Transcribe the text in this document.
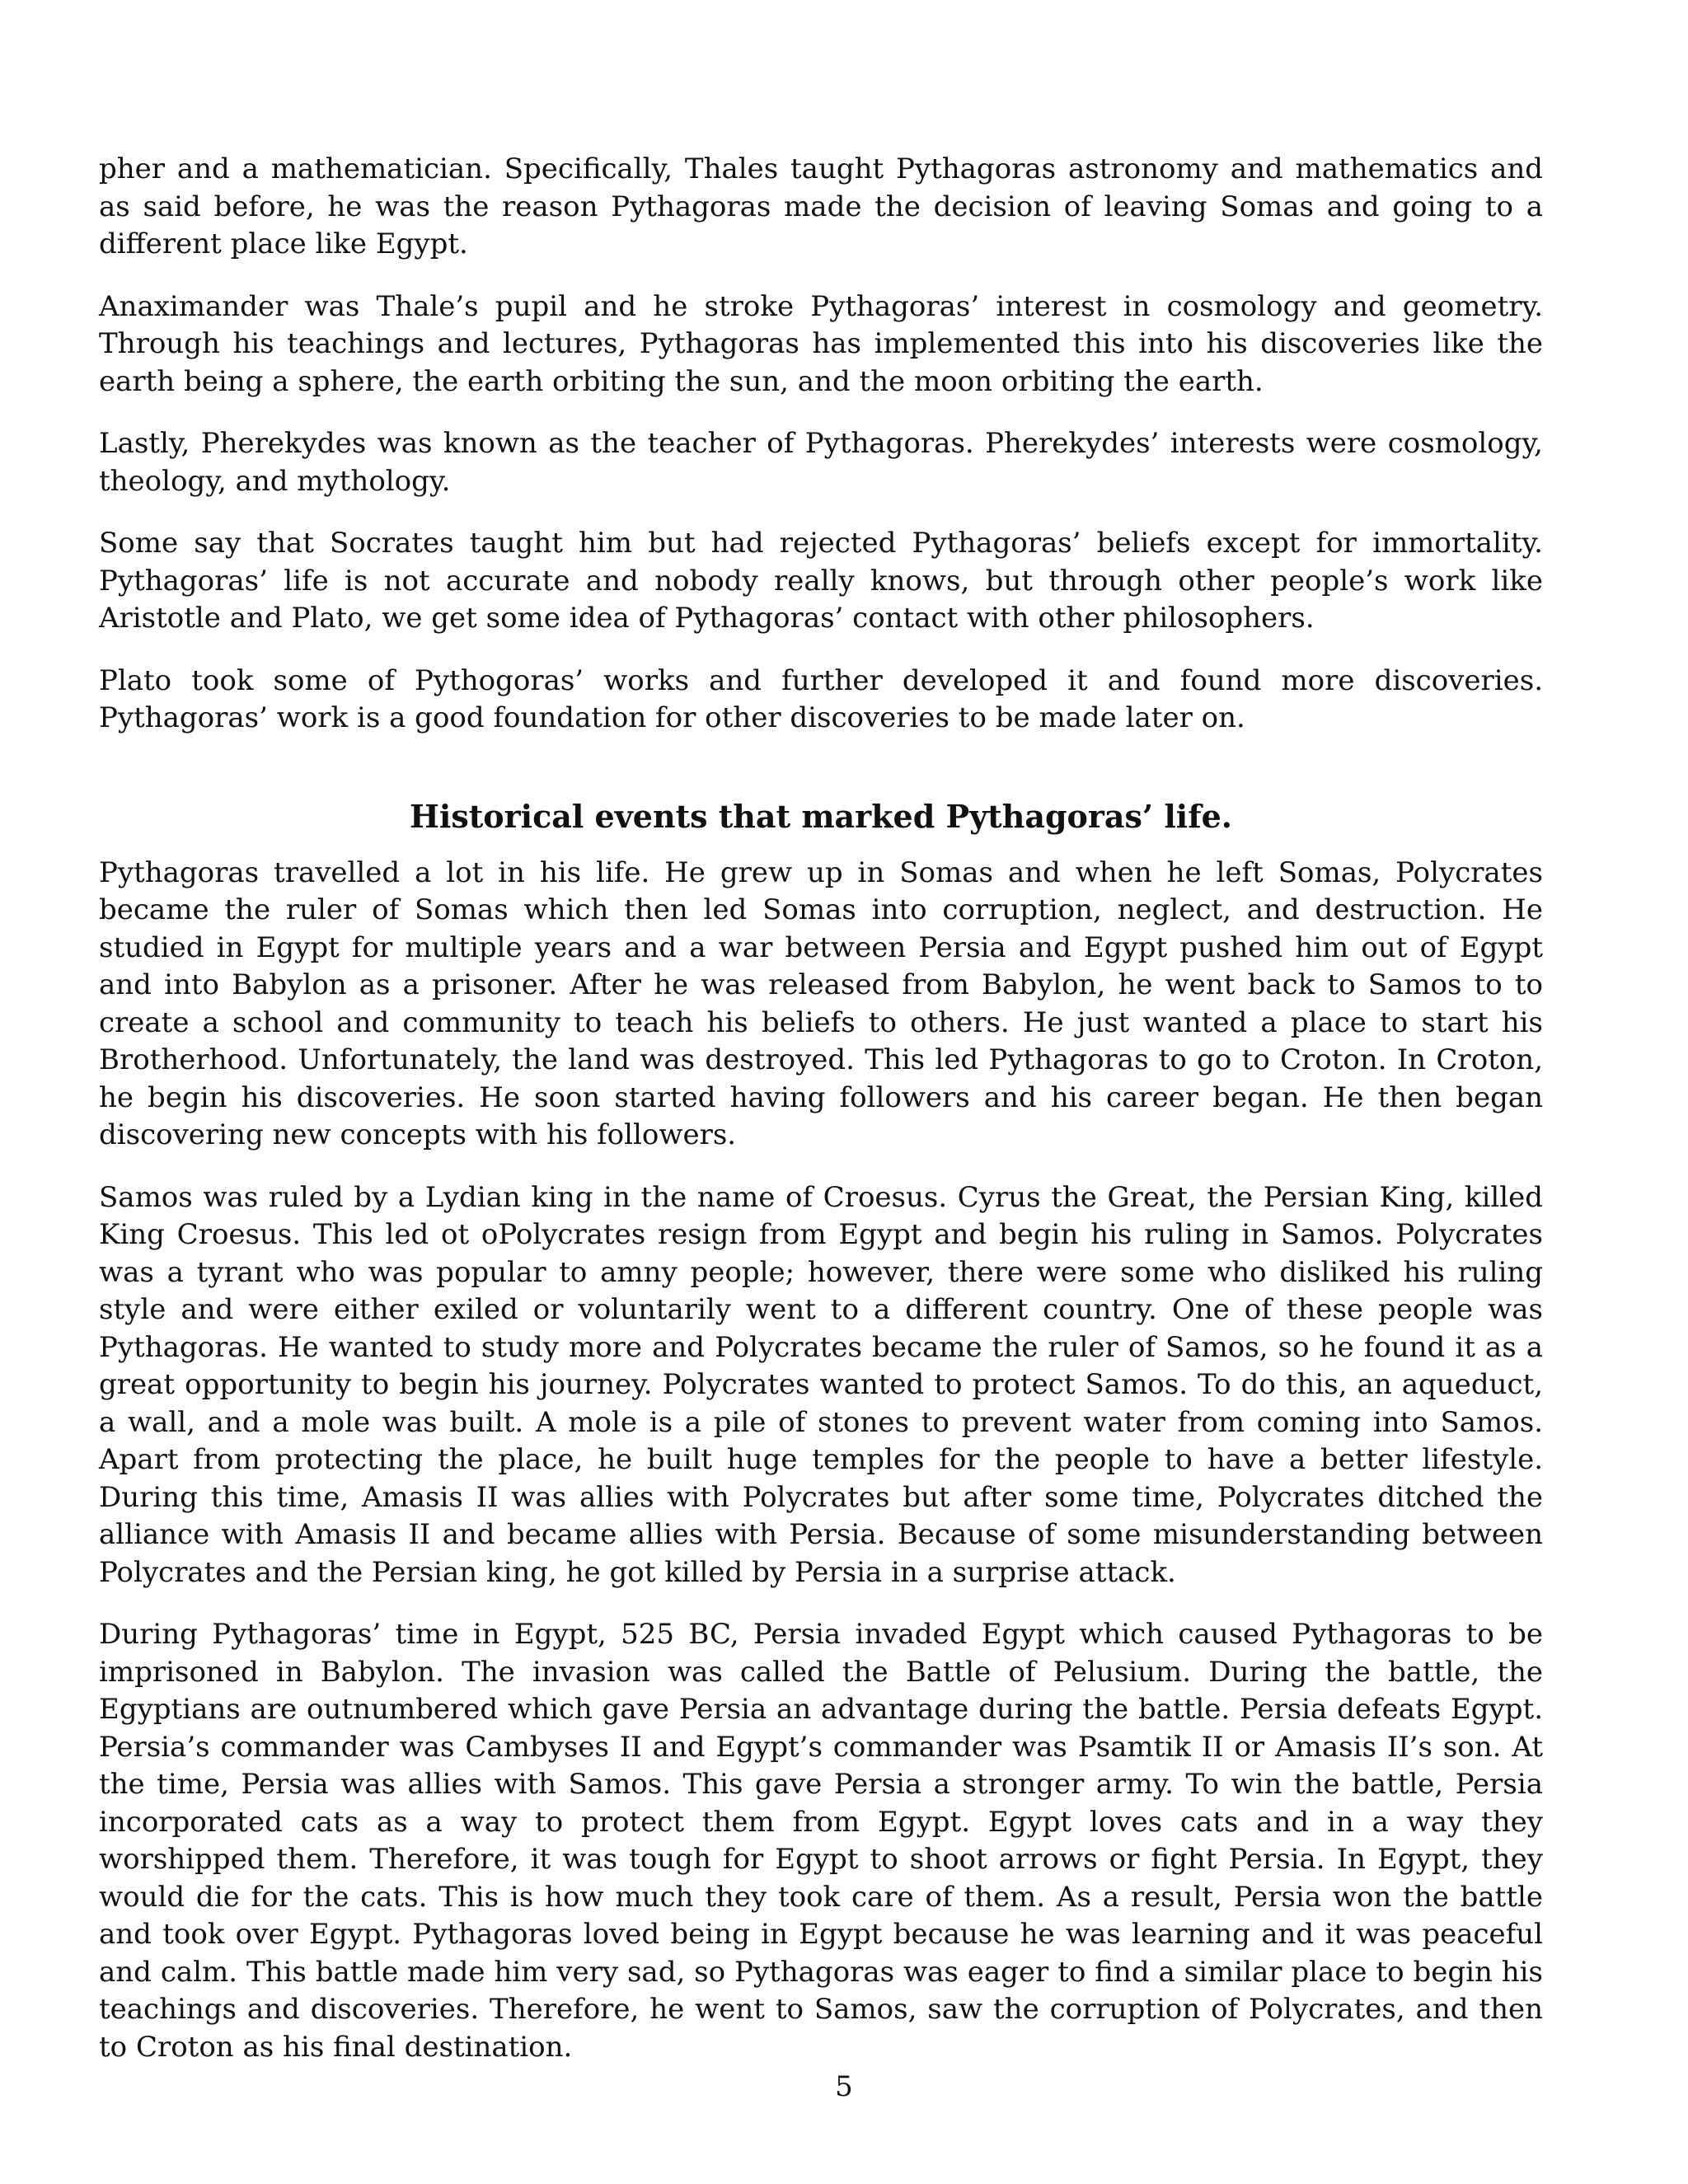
pher and a mathematician. Specifically, Thales taught Pythagoras astronomy and mathematics and as said before, he was the reason Pythagoras made the decision of leaving Somas and going to a different place like Egypt.

Anaximander was Thale’s pupil and he stroke Pythagoras’ interest in cosmology and geometry. Through his teachings and lectures, Pythagoras has implemented this into his discoveries like the earth being a sphere, the earth orbiting the sun, and the moon orbiting the earth.

Lastly, Pherekydes was known as the teacher of Pythagoras. Pherekydes’ interests were cosmology, theology, and mythology.

Some say that Socrates taught him but had rejected Pythagoras’ beliefs except for immortality. Pythagoras’ life is not accurate and nobody really knows, but through other people’s work like Aristotle and Plato, we get some idea of Pythagoras’ contact with other philosophers.

Plato took some of Pythogoras’ works and further developed it and found more discoveries. Pythagoras’ work is a good foundation for other discoveries to be made later on.

Historical events that marked Pythagoras’ life.

Pythagoras travelled a lot in his life. He grew up in Somas and when he left Somas, Polycrates became the ruler of Somas which then led Somas into corruption, neglect, and destruction. He studied in Egypt for multiple years and a war between Persia and Egypt pushed him out of Egypt and into Babylon as a prisoner. After he was released from Babylon, he went back to Samos to to create a school and community to teach his beliefs to others. He just wanted a place to start his Brotherhood. Unfortunately, the land was destroyed. This led Pythagoras to go to Croton. In Croton, he begin his discoveries. He soon started having followers and his career began. He then began discovering new concepts with his followers.

Samos was ruled by a Lydian king in the name of Croesus. Cyrus the Great, the Persian King, killed King Croesus. This led ot oPolycrates resign from Egypt and begin his ruling in Samos. Polycrates was a tyrant who was popular to amny people; however, there were some who disliked his ruling style and were either exiled or voluntarily went to a different country. One of these people was Pythagoras. He wanted to study more and Polycrates became the ruler of Samos, so he found it as a great opportunity to begin his journey. Polycrates wanted to protect Samos. To do this, an aqueduct, a wall, and a mole was built. A mole is a pile of stones to prevent water from coming into Samos. Apart from protecting the place, he built huge temples for the people to have a better lifestyle. During this time, Amasis II was allies with Polycrates but after some time, Polycrates ditched the alliance with Amasis II and became allies with Persia. Because of some misunderstanding between Polycrates and the Persian king, he got killed by Persia in a surprise attack.

During Pythagoras’ time in Egypt, 525 BC, Persia invaded Egypt which caused Pythagoras to be imprisoned in Babylon. The invasion was called the Battle of Pelusium. During the battle, the Egyptians are outnumbered which gave Persia an advantage during the battle. Persia defeats Egypt. Persia’s commander was Cambyses II and Egypt’s commander was Psamtik II or Amasis II’s son. At the time, Persia was allies with Samos. This gave Persia a stronger army. To win the battle, Persia incorporated cats as a way to protect them from Egypt. Egypt loves cats and in a way they worshipped them. Therefore, it was tough for Egypt to shoot arrows or fight Persia. In Egypt, they would die for the cats. This is how much they took care of them. As a result, Persia won the battle and took over Egypt. Pythagoras loved being in Egypt because he was learning and it was peaceful and calm. This battle made him very sad, so Pythagoras was eager to find a similar place to begin his teachings and discoveries. Therefore, he went to Samos, saw the corruption of Polycrates, and then to Croton as his final destination.

5
